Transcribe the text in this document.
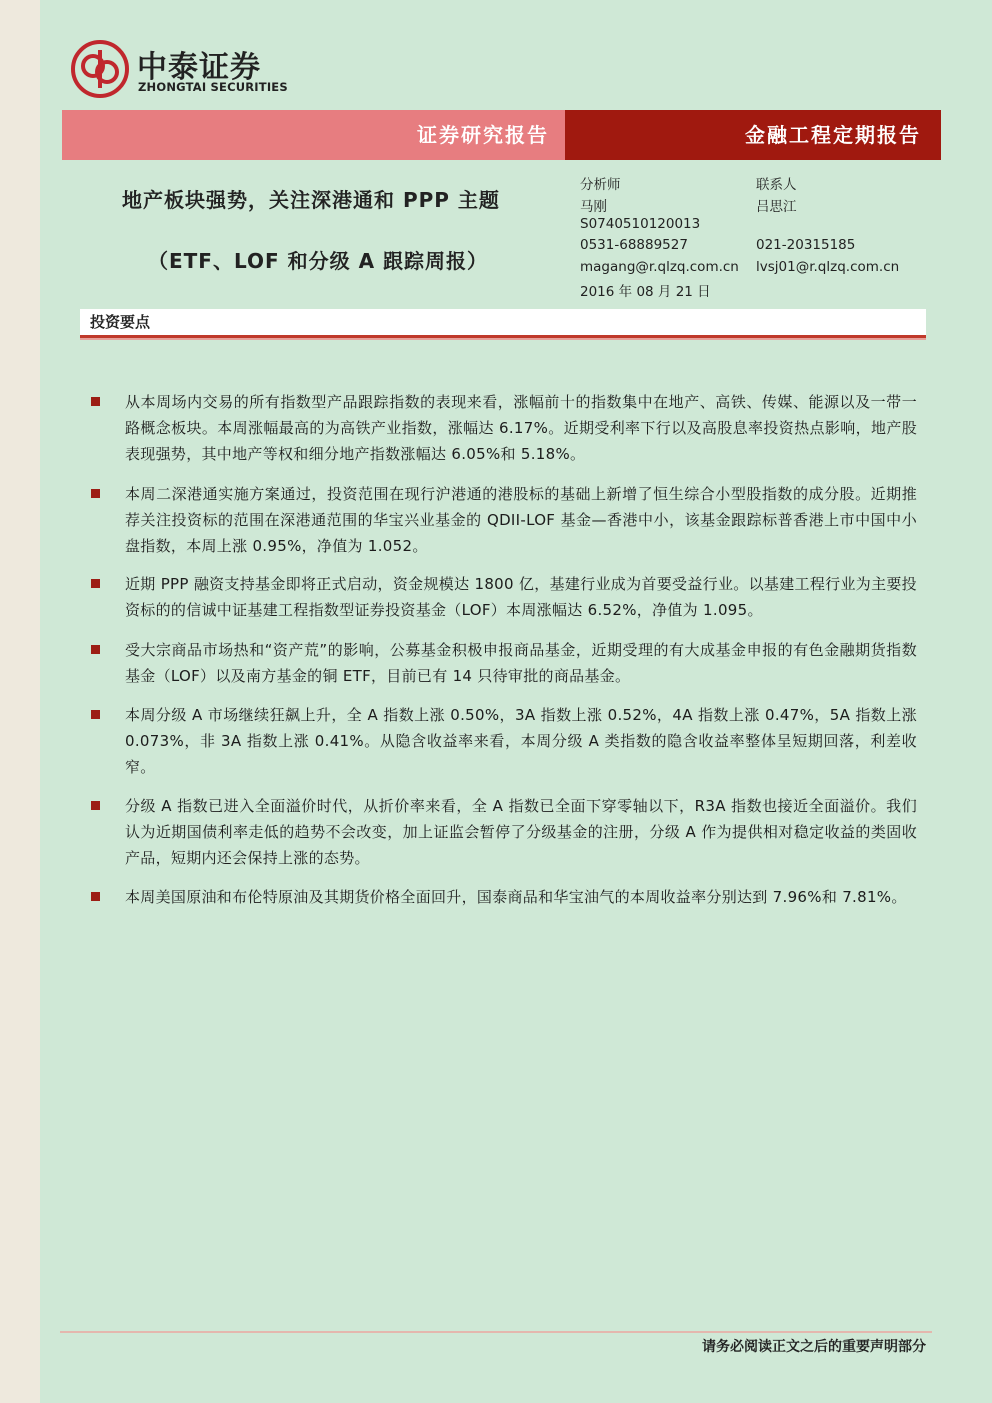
中泰证券
ZHONGTAI SECURITIES
证券研究报告	金融工程定期报告
地产板块强势，关注深港通和 PPP 主题
（ETF、LOF 和分级 A 跟踪周报）
分析师
马刚
S0740510120013
0531-68889527
magang@r.qlzq.com.cn
2016 年 08 月 21 日
联系人
吕思江
021-20315185
lvsj01@r.qlzq.com.cn
投资要点
从本周场内交易的所有指数型产品跟踪指数的表现来看，涨幅前十的指数集中在地产、高铁、传媒、能源以及一带一路概念板块。本周涨幅最高的为高铁产业指数，涨幅达 6.17%。近期受利率下行以及高股息率投资热点影响，地产股表现强势，其中地产等权和细分地产指数涨幅达 6.05%和 5.18%。
本周二深港通实施方案通过，投资范围在现行沪港通的港股标的基础上新增了恒生综合小型股指数的成分股。近期推荐关注投资标的范围在深港通范围的华宝兴业基金的 QDII-LOF 基金—香港中小，该基金跟踪标普香港上市中国中小盘指数，本周上涨 0.95%，净值为 1.052。
近期 PPP 融资支持基金即将正式启动，资金规模达 1800 亿，基建行业成为首要受益行业。以基建工程行业为主要投资标的的信诚中证基建工程指数型证券投资基金（LOF）本周涨幅达 6.52%，净值为 1.095。
受大宗商品市场热和“资产荒”的影响，公募基金积极申报商品基金，近期受理的有大成基金申报的有色金融期货指数基金（LOF）以及南方基金的铜 ETF，目前已有 14 只待审批的商品基金。
本周分级 A 市场继续狂飙上升，全 A 指数上涨 0.50%，3A 指数上涨 0.52%，4A 指数上涨 0.47%，5A 指数上涨 0.073%，非 3A 指数上涨 0.41%。从隐含收益率来看，本周分级 A 类指数的隐含收益率整体呈短期回落，利差收窄。
分级 A 指数已进入全面溢价时代，从折价率来看，全 A 指数已全面下穿零轴以下，R3A 指数也接近全面溢价。我们认为近期国债利率走低的趋势不会改变，加上证监会暂停了分级基金的注册，分级 A 作为提供相对稳定收益的类固收产品，短期内还会保持上涨的态势。
本周美国原油和布伦特原油及其期货价格全面回升，国泰商品和华宝油气的本周收益率分别达到 7.96%和 7.81%。
请务必阅读正文之后的重要声明部分
